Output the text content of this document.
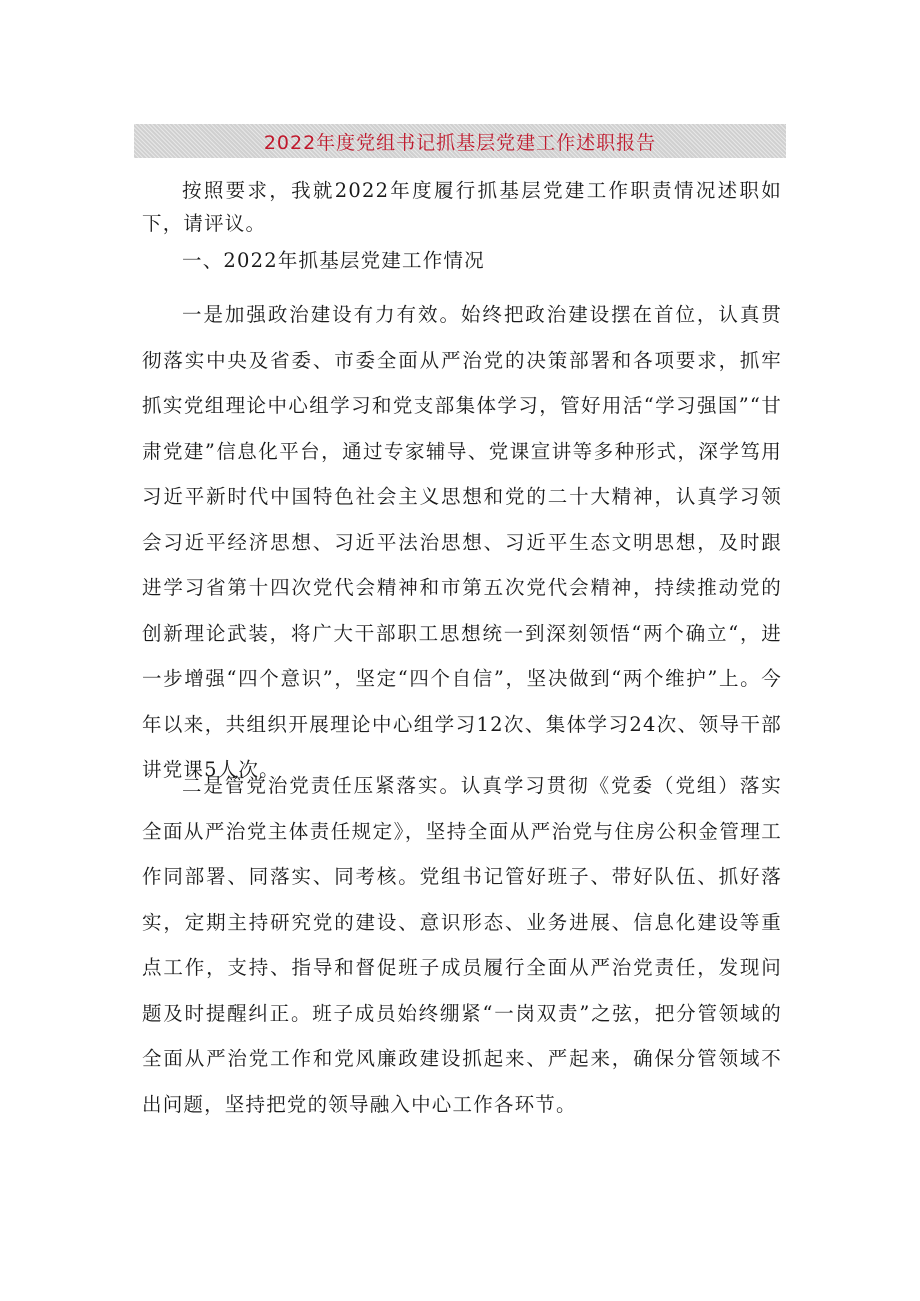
2022年度党组书记抓基层党建工作述职报告

按照要求，我就2022年度履行抓基层党建工作职责情况述职如下，请评议。

一、2022年抓基层党建工作情况

一是加强政治建设有力有效。始终把政治建设摆在首位，认真贯彻落实中央及省委、市委全面从严治党的决策部署和各项要求，抓牢抓实党组理论中心组学习和党支部集体学习，管好用活“学习强国”“甘肃党建”信息化平台，通过专家辅导、党课宣讲等多种形式，深学笃用习近平新时代中国特色社会主义思想和党的二十大精神，认真学习领会习近平经济思想、习近平法治思想、习近平生态文明思想，及时跟进学习省第十四次党代会精神和市第五次党代会精神，持续推动党的创新理论武装，将广大干部职工思想统一到深刻领悟“两个确立“，进一步增强“四个意识”，坚定“四个自信”，坚决做到“两个维护”上。今年以来，共组织开展理论中心组学习12次、集体学习24次、领导干部讲党课5人次。

二是管党治党责任压紧落实。认真学习贯彻《党委（党组）落实全面从严治党主体责任规定》，坚持全面从严治党与住房公积金管理工作同部署、同落实、同考核。党组书记管好班子、带好队伍、抓好落实，定期主持研究党的建设、意识形态、业务进展、信息化建设等重点工作，支持、指导和督促班子成员履行全面从严治党责任，发现问题及时提醒纠正。班子成员始终绷紧“一岗双责”之弦，把分管领域的全面从严治党工作和党风廉政建设抓起来、严起来，确保分管领域不出问题，坚持把党的领导融入中心工作各环节。
